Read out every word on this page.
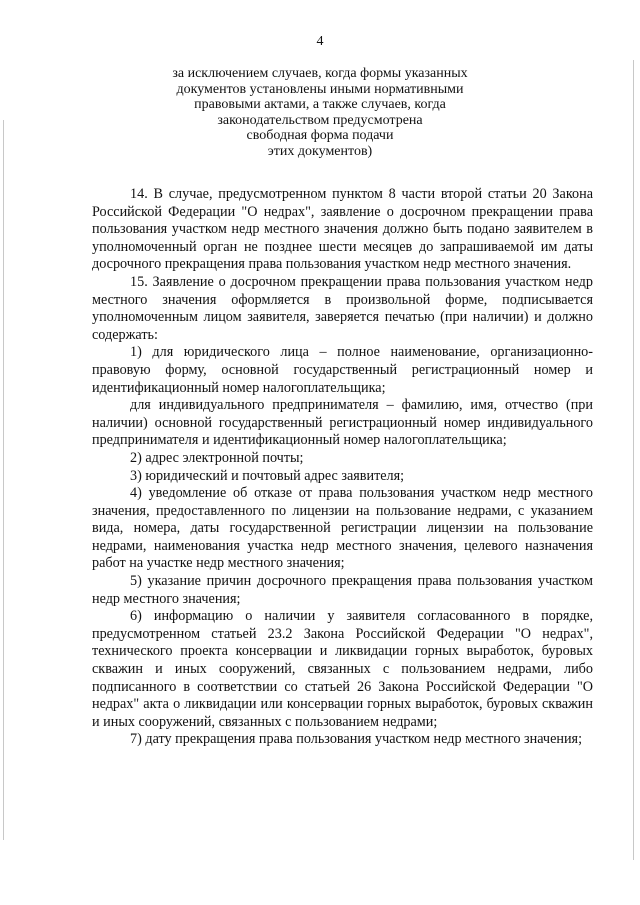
4
за исключением случаев, когда формы указанных
документов установлены иными нормативными
правовыми актами, а также случаев, когда
законодательством предусмотрена
свободная форма подачи
этих документов)
14. В случае, предусмотренном пунктом 8 части второй статьи 20 Закона Российской Федерации "О недрах", заявление о досрочном прекращении права пользования участком недр местного значения должно быть подано заявителем в уполномоченный орган не позднее шести месяцев до запрашиваемой им даты досрочного прекращения права пользования участком недр местного значения.
15. Заявление о досрочном прекращении права пользования участком недр местного значения оформляется в произвольной форме, подписывается уполномоченным лицом заявителя, заверяется печатью (при наличии) и должно содержать:
1) для юридического лица – полное наименование, организационно-правовую форму, основной государственный регистрационный номер и идентификационный номер налогоплательщика;
для индивидуального предпринимателя – фамилию, имя, отчество (при наличии) основной государственный регистрационный номер индивидуального предпринимателя и идентификационный номер налогоплательщика;
2) адрес электронной почты;
3) юридический и почтовый адрес заявителя;
4) уведомление об отказе от права пользования участком недр местного значения, предоставленного по лицензии на пользование недрами, с указанием вида, номера, даты государственной регистрации лицензии на пользование недрами, наименования участка недр местного значения, целевого назначения работ на участке недр местного значения;
5) указание причин досрочного прекращения права пользования участком недр местного значения;
6) информацию о наличии у заявителя согласованного в порядке, предусмотренном статьей 23.2 Закона Российской Федерации "О недрах", технического проекта консервации и ликвидации горных выработок, буровых скважин и иных сооружений, связанных с пользованием недрами, либо подписанного в соответствии со статьей 26 Закона Российской Федерации "О недрах" акта о ликвидации или консервации горных выработок, буровых скважин и иных сооружений, связанных с пользованием недрами;
7) дату прекращения права пользования участком недр местного значения;
